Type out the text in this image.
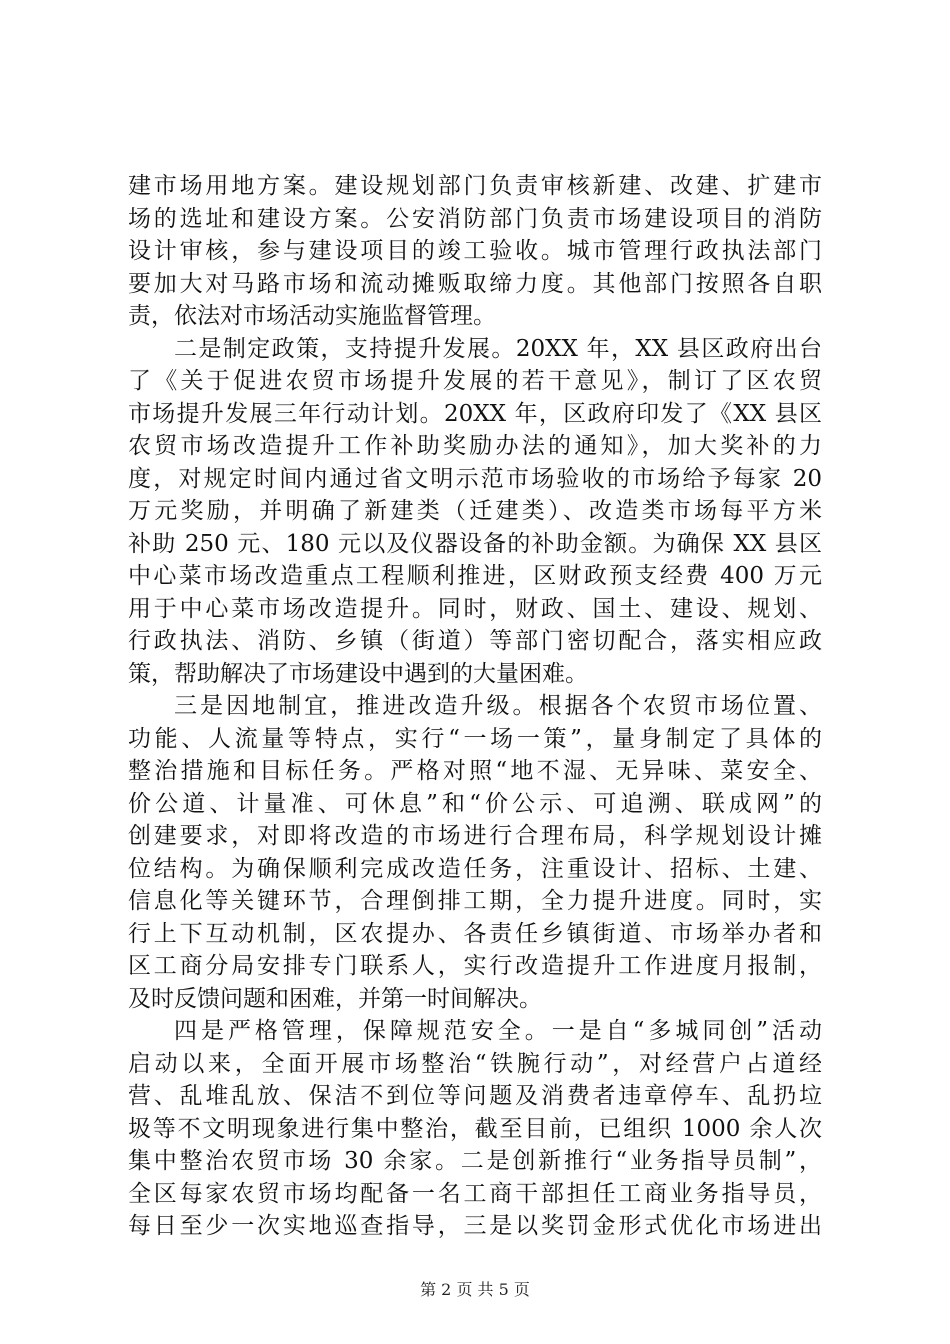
建市场用地方案。建设规划部门负责审核新建、改建、扩建市
场的选址和建设方案。公安消防部门负责市场建设项目的消防
设计审核，参与建设项目的竣工验收。城市管理行政执法部门
要加大对马路市场和流动摊贩取缔力度。其他部门按照各自职
责，依法对市场活动实施监督管理。
二是制定政策，支持提升发展。20XX 年，XX 县区政府出台
了《关于促进农贸市场提升发展的若干意见》，制订了区农贸
市场提升发展三年行动计划。20XX 年，区政府印发了《XX 县区
农贸市场改造提升工作补助奖励办法的通知》，加大奖补的力
度，对规定时间内通过省文明示范市场验收的市场给予每家 20
万元奖励，并明确了新建类（迁建类）、改造类市场每平方米
补助 250 元、180 元以及仪器设备的补助金额。为确保 XX 县区
中心菜市场改造重点工程顺利推进，区财政预支经费 400 万元
用于中心菜市场改造提升。同时，财政、国土、建设、规划、
行政执法、消防、乡镇（街道）等部门密切配合，落实相应政
策，帮助解决了市场建设中遇到的大量困难。
三是因地制宜，推进改造升级。根据各个农贸市场位置、
功能、人流量等特点，实行“一场一策”，量身制定了具体的
整治措施和目标任务。严格对照“地不湿、无异味、菜安全、
价公道、计量准、可休息”和“价公示、可追溯、联成网”的
创建要求，对即将改造的市场进行合理布局，科学规划设计摊
位结构。为确保顺利完成改造任务，注重设计、招标、土建、
信息化等关键环节，合理倒排工期，全力提升进度。同时，实
行上下互动机制，区农提办、各责任乡镇街道、市场举办者和
区工商分局安排专门联系人，实行改造提升工作进度月报制，
及时反馈问题和困难，并第一时间解决。
四是严格管理，保障规范安全。一是自“多城同创”活动
启动以来，全面开展市场整治“铁腕行动”，对经营户占道经
营、乱堆乱放、保洁不到位等问题及消费者违章停车、乱扔垃
圾等不文明现象进行集中整治，截至目前，已组织 1000 余人次
集中整治农贸市场 30 余家。二是创新推行“业务指导员制”，
全区每家农贸市场均配备一名工商干部担任工商业务指导员，
每日至少一次实地巡查指导，三是以奖罚金形式优化市场进出
第 2 页 共 5 页
